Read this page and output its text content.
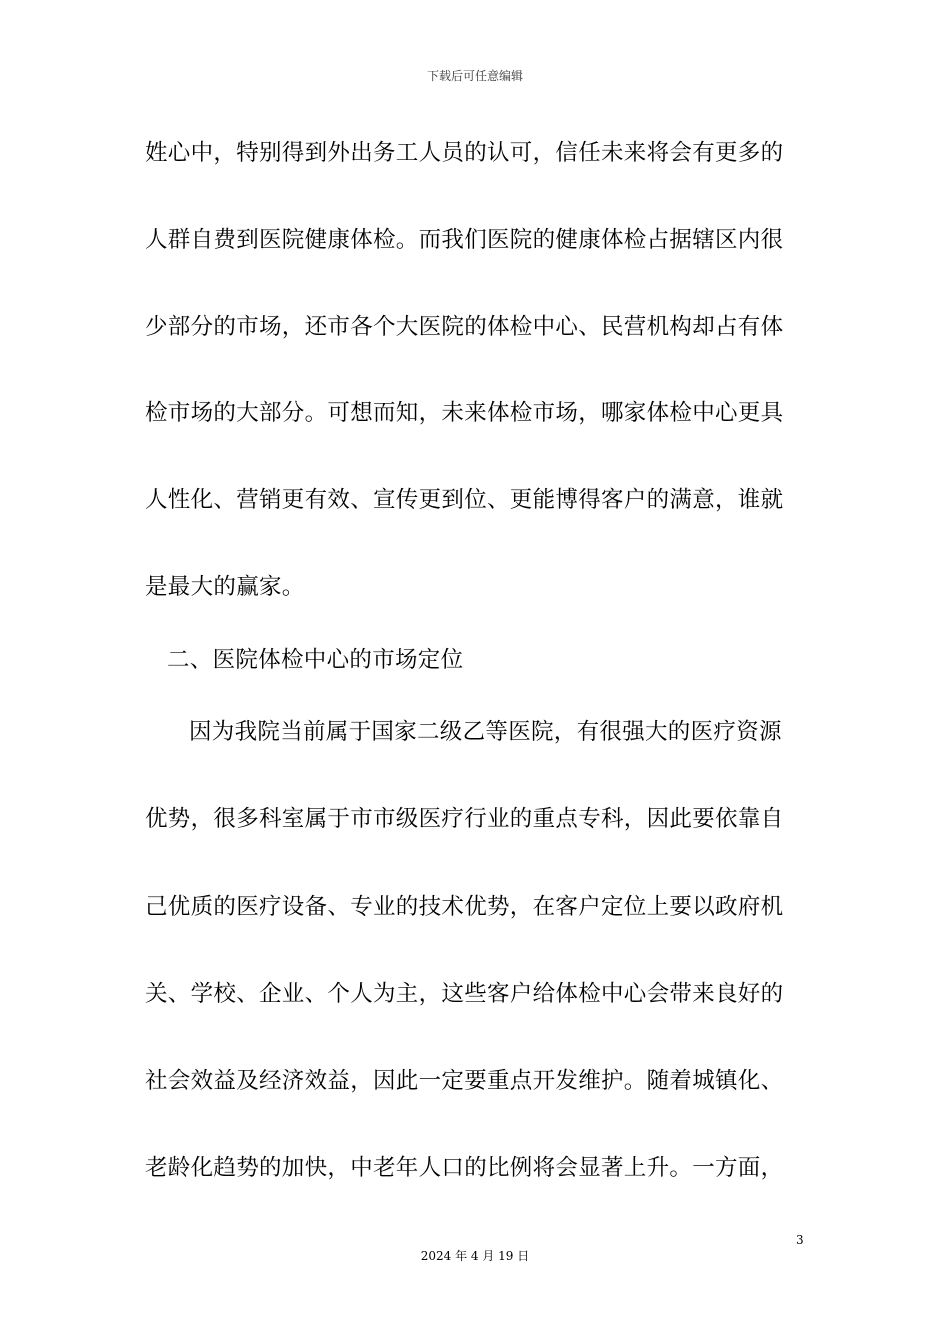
下载后可任意编辑
姓心中，特别得到外出务工人员的认可，信任未来将会有更多的
人群自费到医院健康体检。而我们医院的健康体检占据辖区内很
少部分的市场，还市各个大医院的体检中心、民营机构却占有体
检市场的大部分。可想而知，未来体检市场，哪家体检中心更具
人性化、营销更有效、宣传更到位、更能博得客户的满意，谁就
是最大的赢家。
二、医院体检中心的市场定位
因为我院当前属于国家二级乙等医院，有很强大的医疗资源
优势，很多科室属于市市级医疗行业的重点专科，因此要依靠自
己优质的医疗设备、专业的技术优势，在客户定位上要以政府机
关、学校、企业、个人为主，这些客户给体检中心会带来良好的
社会效益及经济效益，因此一定要重点开发维护。随着城镇化、
老龄化趋势的加快，中老年人口的比例将会显著上升。一方面，
3
2024 年 4 月 19 日
